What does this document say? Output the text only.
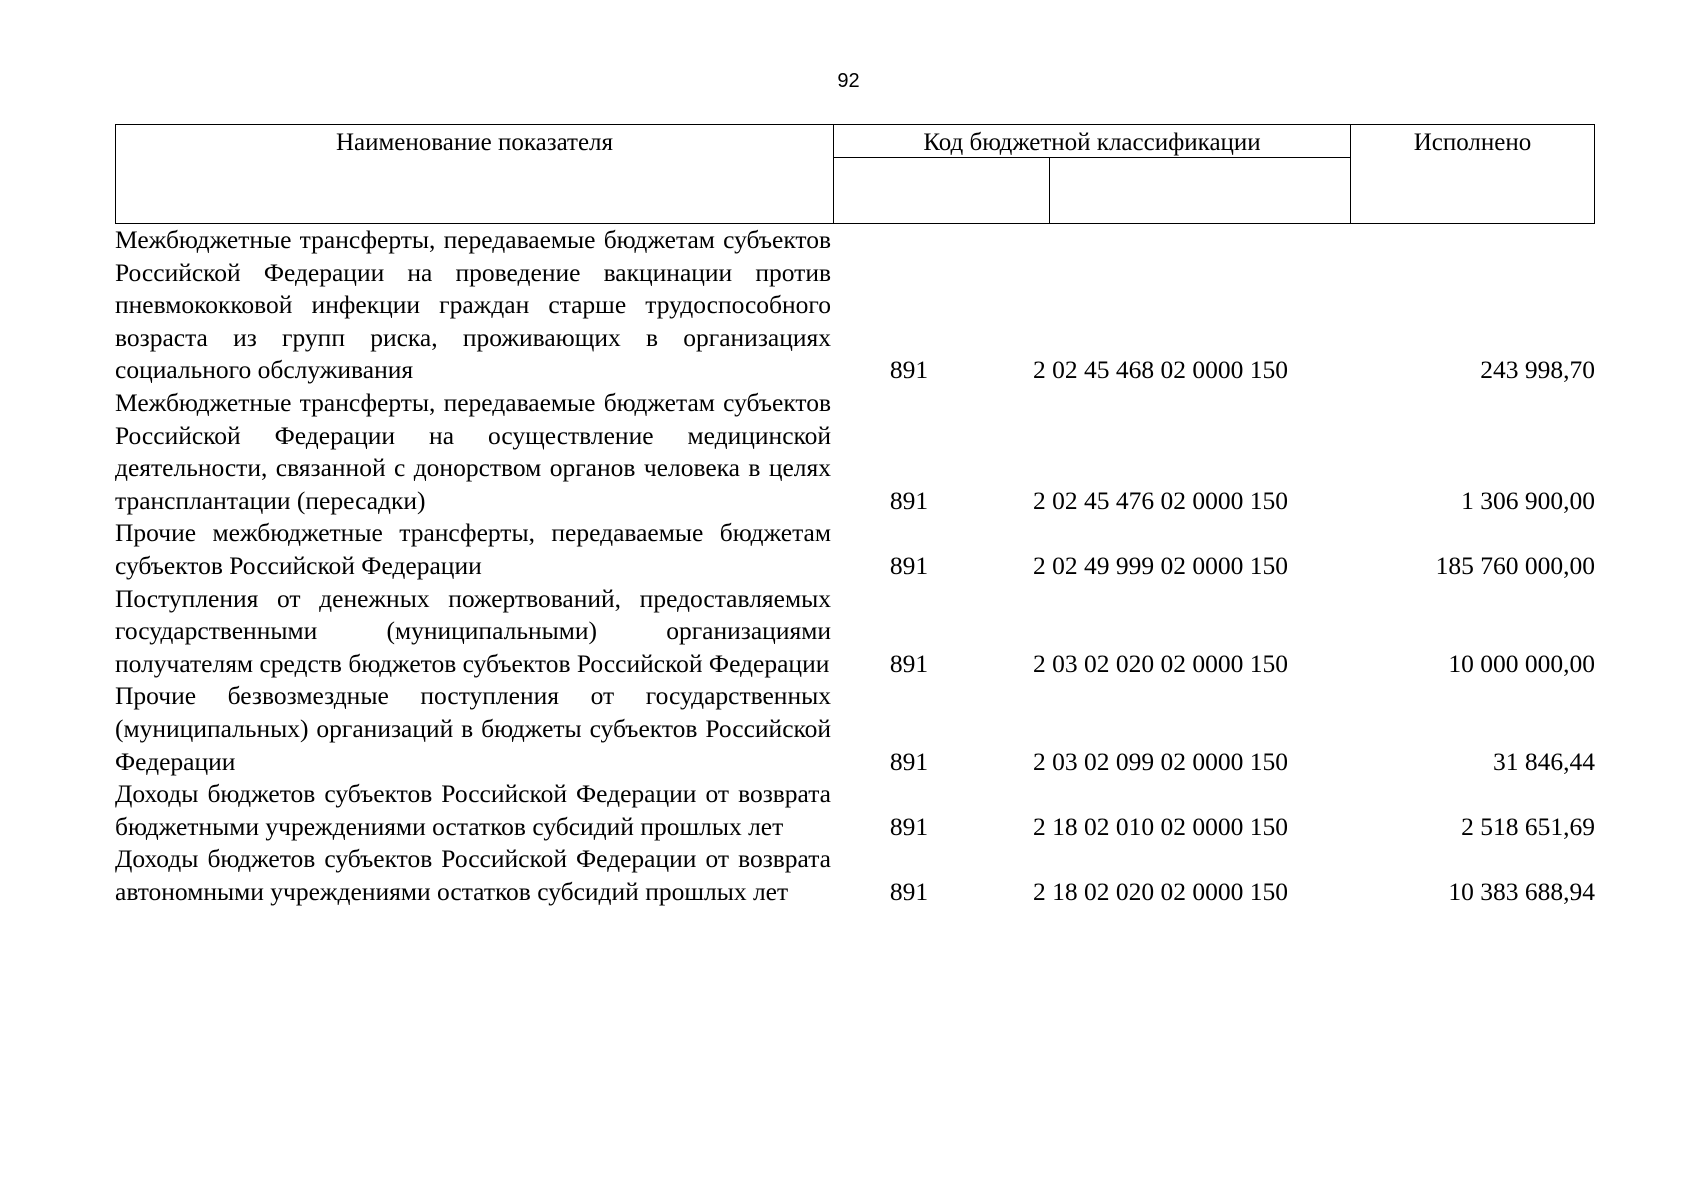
92
Наименование показателя	Код бюджетной классификации	Исполнено
Межбюджетные трансферты, передаваемые бюджетам субъектов Российской Федерации на проведение вакцинации против пневмококковой инфекции граждан старше трудоспособного возраста из групп риска, проживающих в организациях социального обслуживания	891	2 02 45 468 02 0000 150	243 998,70
Межбюджетные трансферты, передаваемые бюджетам субъектов Российской Федерации на осуществление медицинской деятельности, связанной с донорством органов человека в целях трансплантации (пересадки)	891	2 02 45 476 02 0000 150	1 306 900,00
Прочие межбюджетные трансферты, передаваемые бюджетам субъектов Российской Федерации	891	2 02 49 999 02 0000 150	185 760 000,00
Поступления от денежных пожертвований, предоставляемых государственными (муниципальными) организациями получателям средств бюджетов субъектов Российской Федерации	891	2 03 02 020 02 0000 150	10 000 000,00
Прочие безвозмездные поступления от государственных (муниципальных) организаций в бюджеты субъектов Российской Федерации	891	2 03 02 099 02 0000 150	31 846,44
Доходы бюджетов субъектов Российской Федерации от возврата бюджетными учреждениями остатков субсидий прошлых лет	891	2 18 02 010 02 0000 150	2 518 651,69
Доходы бюджетов субъектов Российской Федерации от возврата автономными учреждениями остатков субсидий прошлых лет	891	2 18 02 020 02 0000 150	10 383 688,94
